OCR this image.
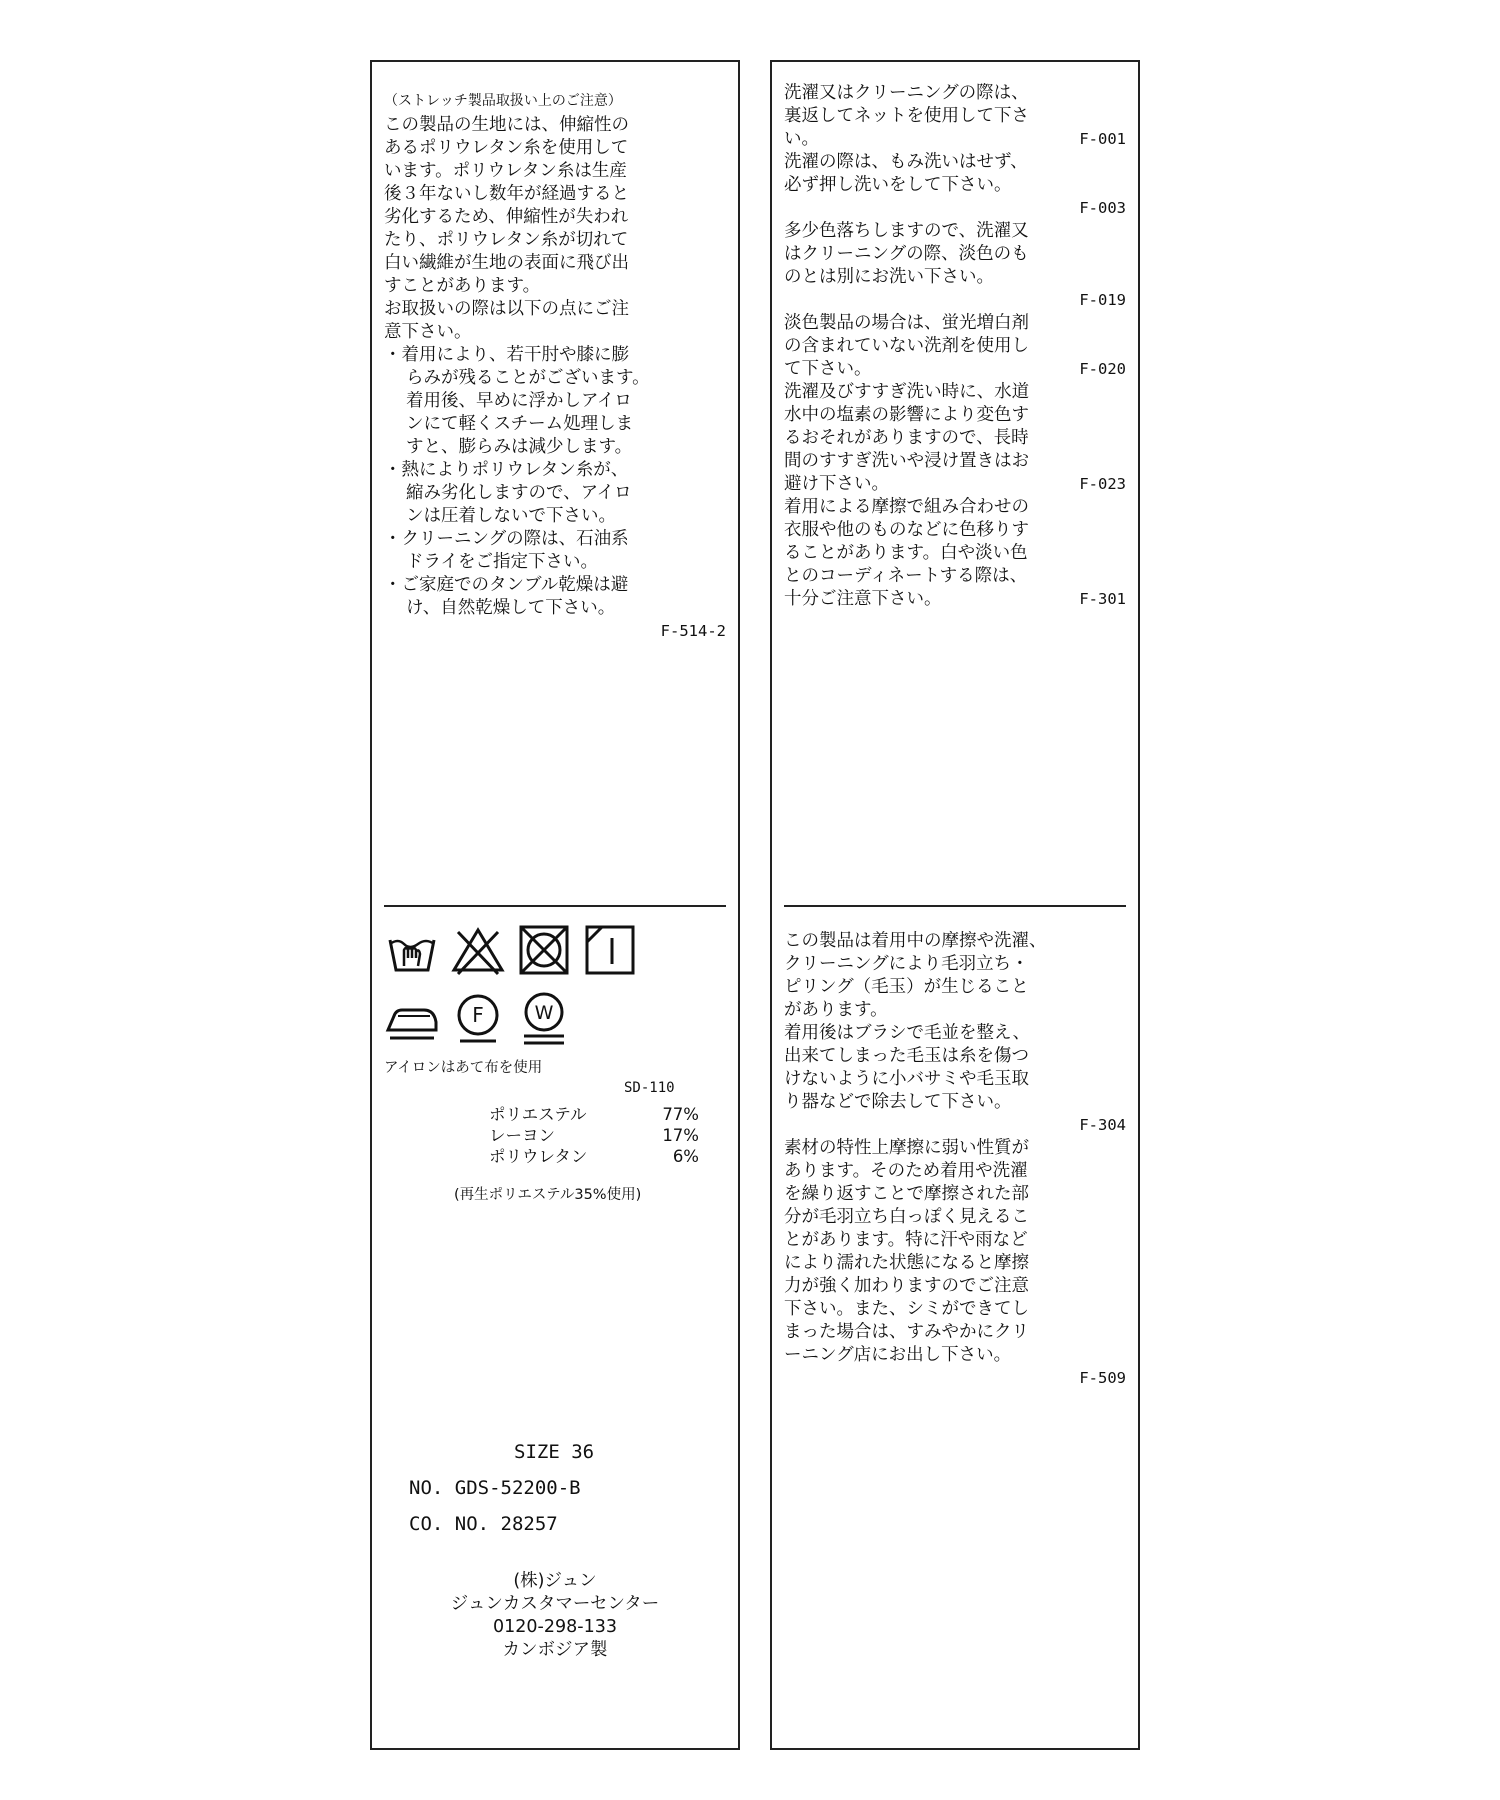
（ストレッチ製品取扱い上のご注意）
この製品の生地には、伸縮性の
あるポリウレタン糸を使用して
います。ポリウレタン糸は生産
後３年ないし数年が経過すると
劣化するため、伸縮性が失われ
たり、ポリウレタン糸が切れて
白い繊維が生地の表面に飛び出
すことがあります。
お取扱いの際は以下の点にご注
意下さい。
・着用により、若干肘や膝に膨
らみが残ることがございます。
着用後、早めに浮かしアイロ
ンにて軽くスチーム処理しま
すと、膨らみは減少します。
・熱によりポリウレタン糸が、
縮み劣化しますので、アイロ
ンは圧着しないで下さい。
・クリーニングの際は、石油系
ドライをご指定下さい。
・ご家庭でのタンブル乾燥は避
け、自然乾燥して下さい。
F-514-2
F	W
アイロンはあて布を使用
SD-110
ポリエステル	77%
レーヨン	17%
ポリウレタン	6%
(再生ポリエステル35%使用)
SIZE 36
NO. GDS-52200-B
CO. NO. 28257
(株)ジュン
ジュンカスタマーセンター
0120-298-133
カンボジア製
洗濯又はクリーニングの際は、
裏返してネットを使用して下さ
い。	F-001
洗濯の際は、もみ洗いはせず、
必ず押し洗いをして下さい。
F-003
多少色落ちしますので、洗濯又
はクリーニングの際、淡色のも
のとは別にお洗い下さい。
F-019
淡色製品の場合は、蛍光増白剤
の含まれていない洗剤を使用し
て下さい。	F-020
洗濯及びすすぎ洗い時に、水道
水中の塩素の影響により変色す
るおそれがありますので、長時
間のすすぎ洗いや浸け置きはお
避け下さい。	F-023
着用による摩擦で組み合わせの
衣服や他のものなどに色移りす
ることがあります。白や淡い色
とのコーディネートする際は、
十分ご注意下さい。	F-301
この製品は着用中の摩擦や洗濯、
クリーニングにより毛羽立ち・
ピリング（毛玉）が生じること
があります。
着用後はブラシで毛並を整え、
出来てしまった毛玉は糸を傷つ
けないように小バサミや毛玉取
り器などで除去して下さい。
F-304
素材の特性上摩擦に弱い性質が
あります。そのため着用や洗濯
を繰り返すことで摩擦された部
分が毛羽立ち白っぽく見えるこ
とがあります。特に汗や雨など
により濡れた状態になると摩擦
力が強く加わりますのでご注意
下さい。また、シミができてし
まった場合は、すみやかにクリ
ーニング店にお出し下さい。
F-509
